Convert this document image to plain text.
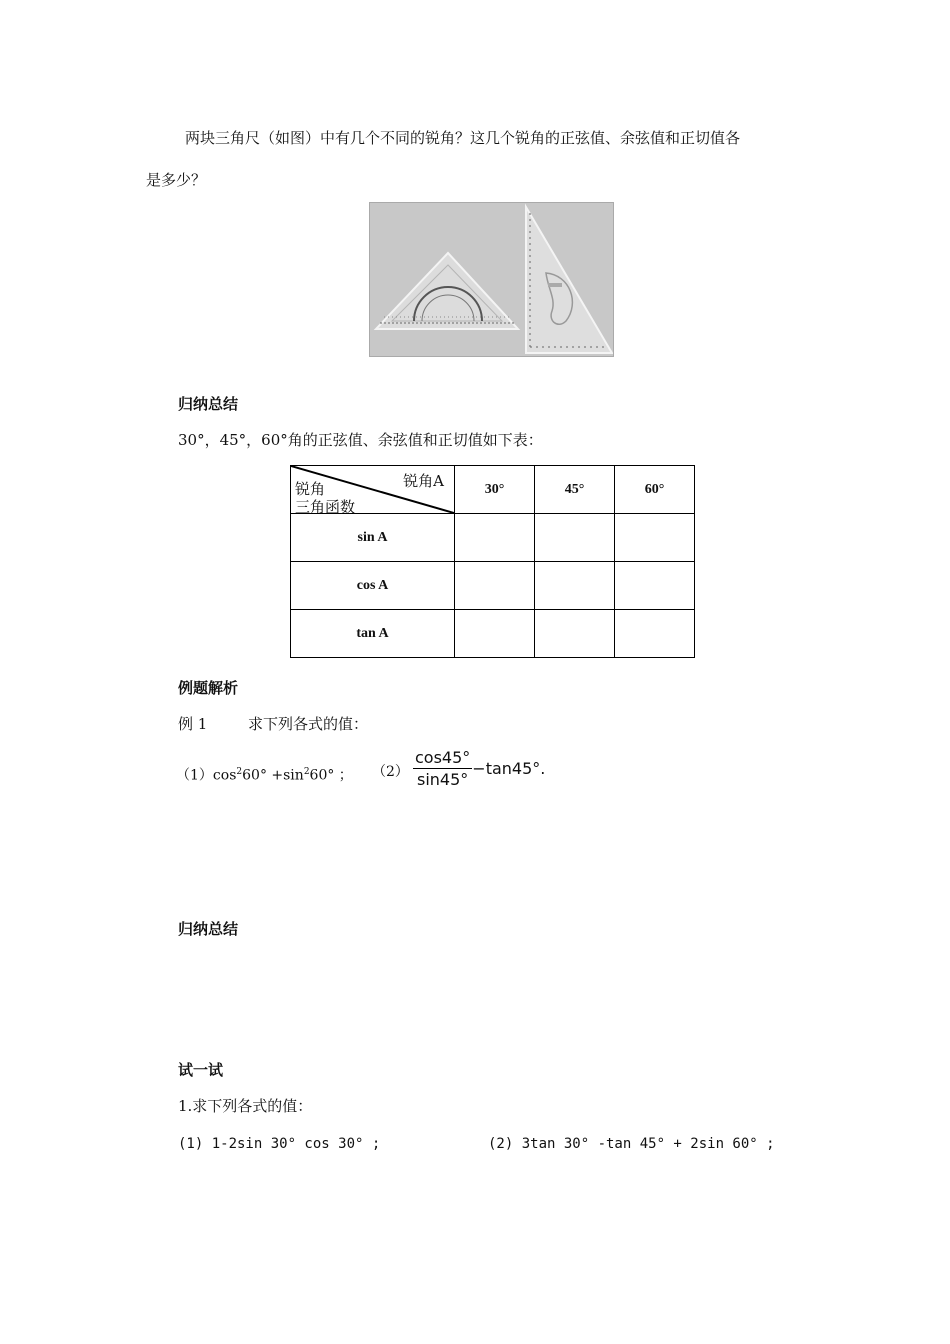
两块三角尺（如图）中有几个不同的锐角？这几个锐角的正弦值、余弦值和正切值各
是多少？
归纳总结
30°，45°，60°角的正弦值、余弦值和正切值如下表：
锐角A
锐角
三角函数	30°	45°	60°
sin A			
cos A			
tan A			
例题解析
例 1	求下列各式的值：
$(1)\cos^260^\circ +\sin^260^\circ$ ； $(2) \frac{\cos 45^\circ}{\sin 45^\circ} -\tan 45^\circ$.
归纳总结
试一试
1.求下列各式的值：
(1) 1-2sin 30° cos 30° ;	(2) 3tan 30° -tan 45° + 2sin 60° ;
